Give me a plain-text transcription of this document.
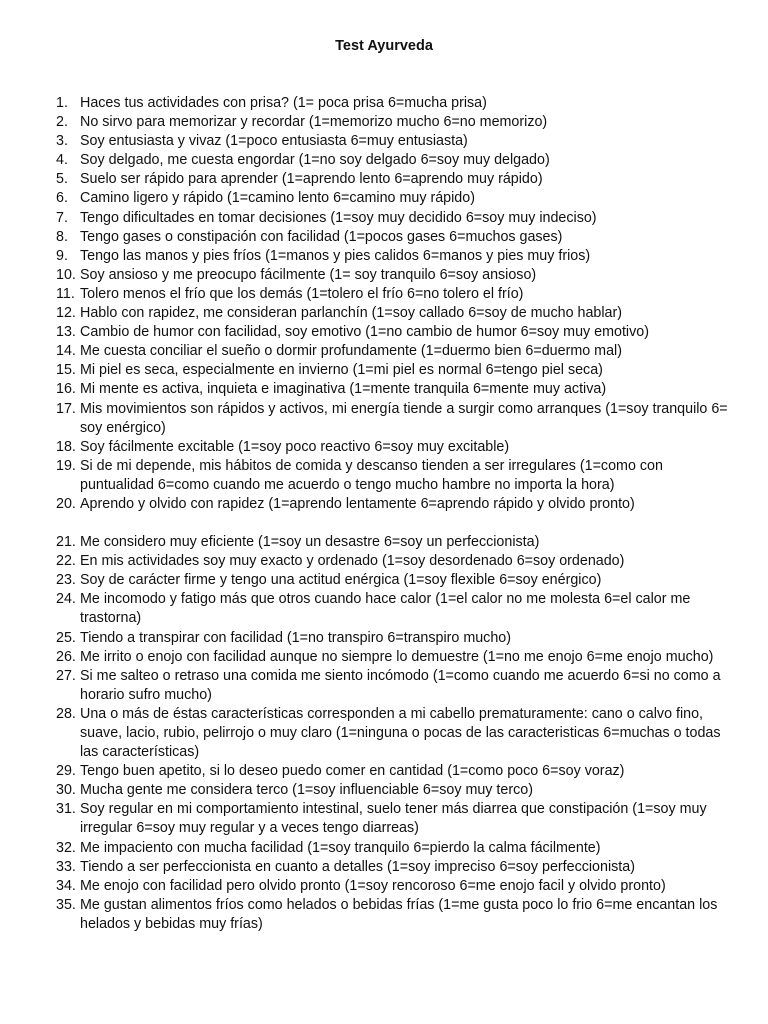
Test Ayurveda
1. Haces tus actividades con prisa? (1= poca prisa 6=mucha prisa)
2. No sirvo para memorizar y recordar (1=memorizo mucho 6=no memorizo)
3. Soy entusiasta y vivaz (1=poco entusiasta 6=muy entusiasta)
4. Soy delgado, me cuesta engordar (1=no soy delgado 6=soy muy delgado)
5. Suelo ser rápido para aprender (1=aprendo lento 6=aprendo muy rápido)
6. Camino ligero y rápido (1=camino lento 6=camino muy rápido)
7. Tengo dificultades en tomar decisiones (1=soy muy decidido 6=soy muy indeciso)
8. Tengo gases o constipación con facilidad (1=pocos gases 6=muchos gases)
9. Tengo las manos y pies fríos (1=manos y pies calidos 6=manos y pies muy frios)
10. Soy ansioso y me preocupo fácilmente (1= soy tranquilo 6=soy ansioso)
11. Tolero menos el frío que los demás (1=tolero el frío 6=no tolero el frío)
12. Hablo con rapidez, me consideran parlanchín (1=soy callado 6=soy de mucho hablar)
13. Cambio de humor con facilidad, soy emotivo (1=no cambio de humor 6=soy muy emotivo)
14. Me cuesta conciliar el sueño o dormir profundamente (1=duermo bien 6=duermo mal)
15. Mi piel es seca, especialmente en invierno (1=mi piel es normal 6=tengo piel seca)
16. Mi mente es activa, inquieta e imaginativa (1=mente tranquila 6=mente muy activa)
17. Mis movimientos son rápidos y activos, mi energía tiende a surgir como arranques (1=soy tranquilo 6= soy enérgico)
18. Soy fácilmente excitable (1=soy poco reactivo 6=soy muy excitable)
19. Si de mi depende, mis hábitos de comida y descanso tienden a ser irregulares (1=como con puntualidad 6=como cuando me acuerdo o tengo mucho hambre no importa la hora)
20. Aprendo y olvido con rapidez (1=aprendo lentamente 6=aprendo rápido y olvido pronto)
21. Me considero muy eficiente (1=soy un desastre 6=soy un perfeccionista)
22. En mis actividades soy muy exacto y ordenado (1=soy desordenado 6=soy ordenado)
23. Soy de carácter firme y tengo una actitud enérgica (1=soy flexible 6=soy enérgico)
24. Me incomodo y fatigo más que otros cuando hace calor (1=el calor no me molesta 6=el calor me trastorna)
25. Tiendo a transpirar con facilidad (1=no transpiro 6=transpiro mucho)
26. Me irrito o enojo con facilidad aunque no siempre lo demuestre (1=no me enojo 6=me enojo mucho)
27. Si me salteo o retraso una comida me siento incómodo (1=como cuando me acuerdo 6=si no como a horario sufro mucho)
28. Una o más de éstas características corresponden a mi cabello prematuramente: cano o calvo fino, suave, lacio, rubio, pelirrojo o muy claro (1=ninguna o pocas de las caracteristicas 6=muchas o todas las características)
29. Tengo buen apetito, si lo deseo puedo comer en cantidad (1=como poco 6=soy voraz)
30. Mucha gente me considera terco (1=soy influenciable 6=soy muy terco)
31. Soy regular en mi comportamiento intestinal, suelo tener más diarrea que constipación (1=soy muy irregular 6=soy muy regular y a veces tengo diarreas)
32. Me impaciento con mucha facilidad (1=soy tranquilo 6=pierdo la calma fácilmente)
33. Tiendo a ser perfeccionista en cuanto a detalles (1=soy impreciso 6=soy perfeccionista)
34. Me enojo con facilidad pero olvido pronto (1=soy rencoroso 6=me enojo facil y olvido pronto)
35. Me gustan alimentos fríos como helados o bebidas frías (1=me gusta poco lo frio 6=me encantan los helados y bebidas muy frías)
